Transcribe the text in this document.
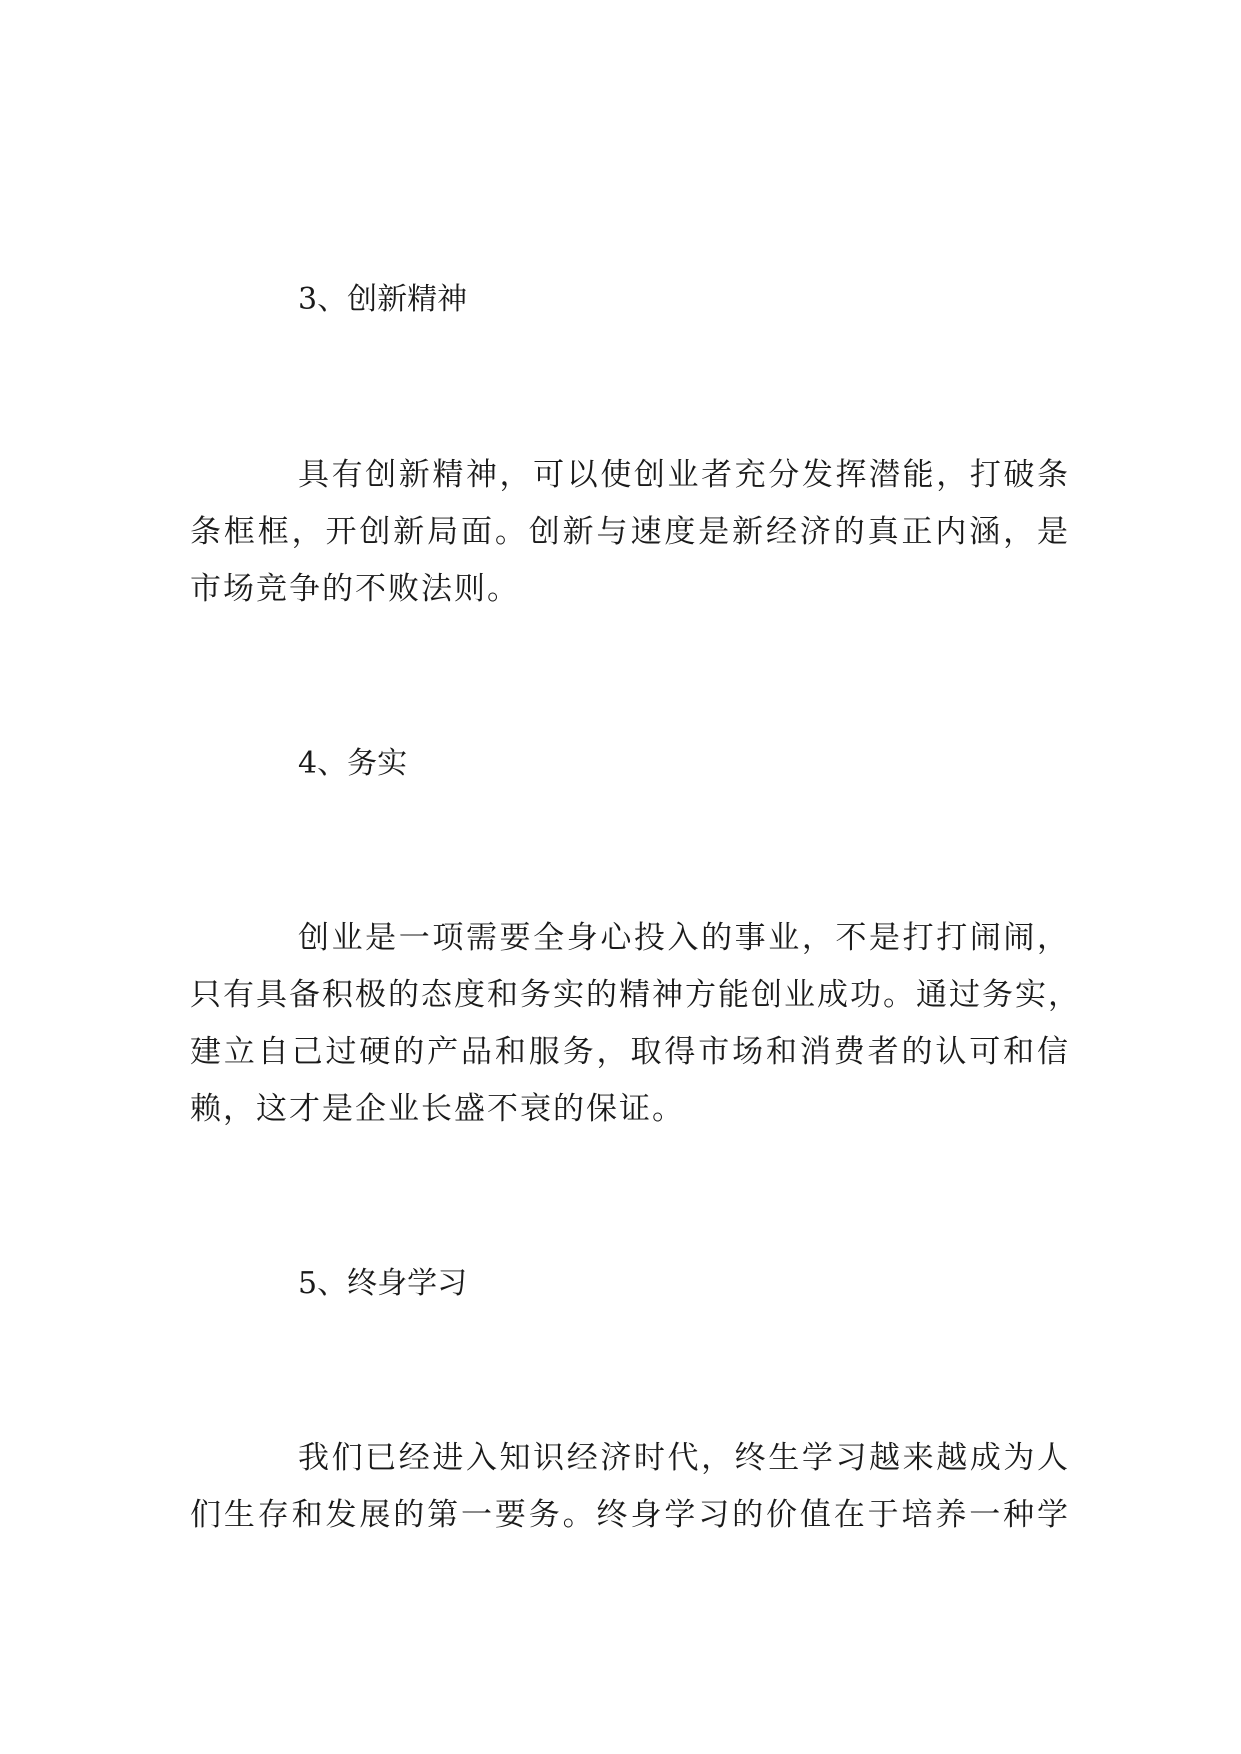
3、创新精神
具有创新精神，可以使创业者充分发挥潜能，打破条
条框框，开创新局面。创新与速度是新经济的真正内涵，是
市场竞争的不败法则。
4、务实
创业是一项需要全身心投入的事业，不是打打闹闹，
只有具备积极的态度和务实的精神方能创业成功。通过务实，
建立自己过硬的产品和服务，取得市场和消费者的认可和信
赖，这才是企业长盛不衰的保证。
5、终身学习
我们已经进入知识经济时代，终生学习越来越成为人
们生存和发展的第一要务。终身学习的价值在于培养一种学
